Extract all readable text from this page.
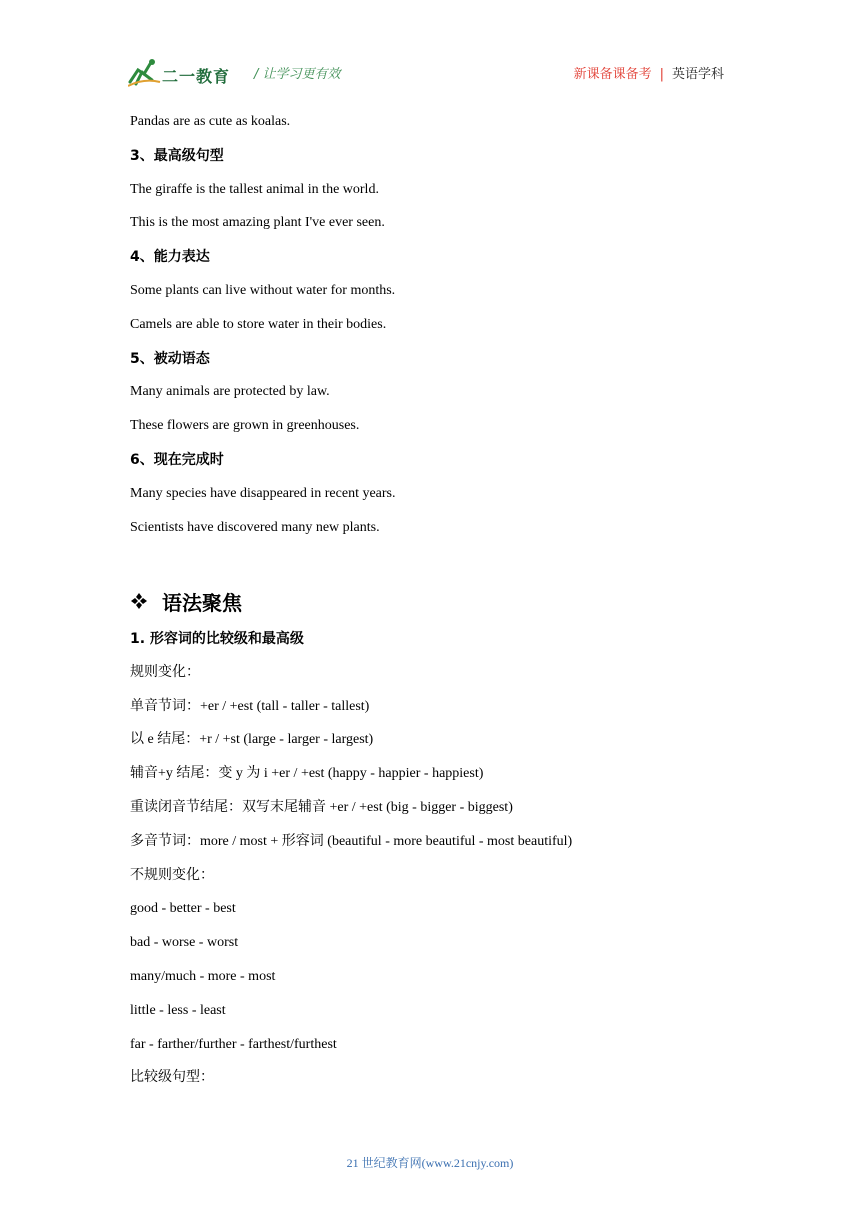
二一教育 / 让学习更有效	新课备课备考 | 英语学科
Pandas are as cute as koalas.
3、最高级句型
The giraffe is the tallest animal in the world.
This is the most amazing plant I've ever seen.
4、能力表达
Some plants can live without water for months.
Camels are able to store water in their bodies.
5、被动语态
Many animals are protected by law.
These flowers are grown in greenhouses.
6、现在完成时
Many species have disappeared in recent years.
Scientists have discovered many new plants.
语法聚焦
1. 形容词的比较级和最高级
规则变化：
单音节词：+er / +est (tall - taller - tallest)
以 e 结尾：+r / +st (large - larger - largest)
辅音+y 结尾：变 y 为 i +er / +est (happy - happier - happiest)
重读闭音节结尾：双写末尾辅音 +er / +est (big - bigger - biggest)
多音节词：more / most + 形容词 (beautiful - more beautiful - most beautiful)
不规则变化：
good - better - best
bad - worse - worst
many/much - more - most
little - less - least
far - farther/further - farthest/furthest
比较级句型：
21 世纪教育网(www.21cnjy.com)
